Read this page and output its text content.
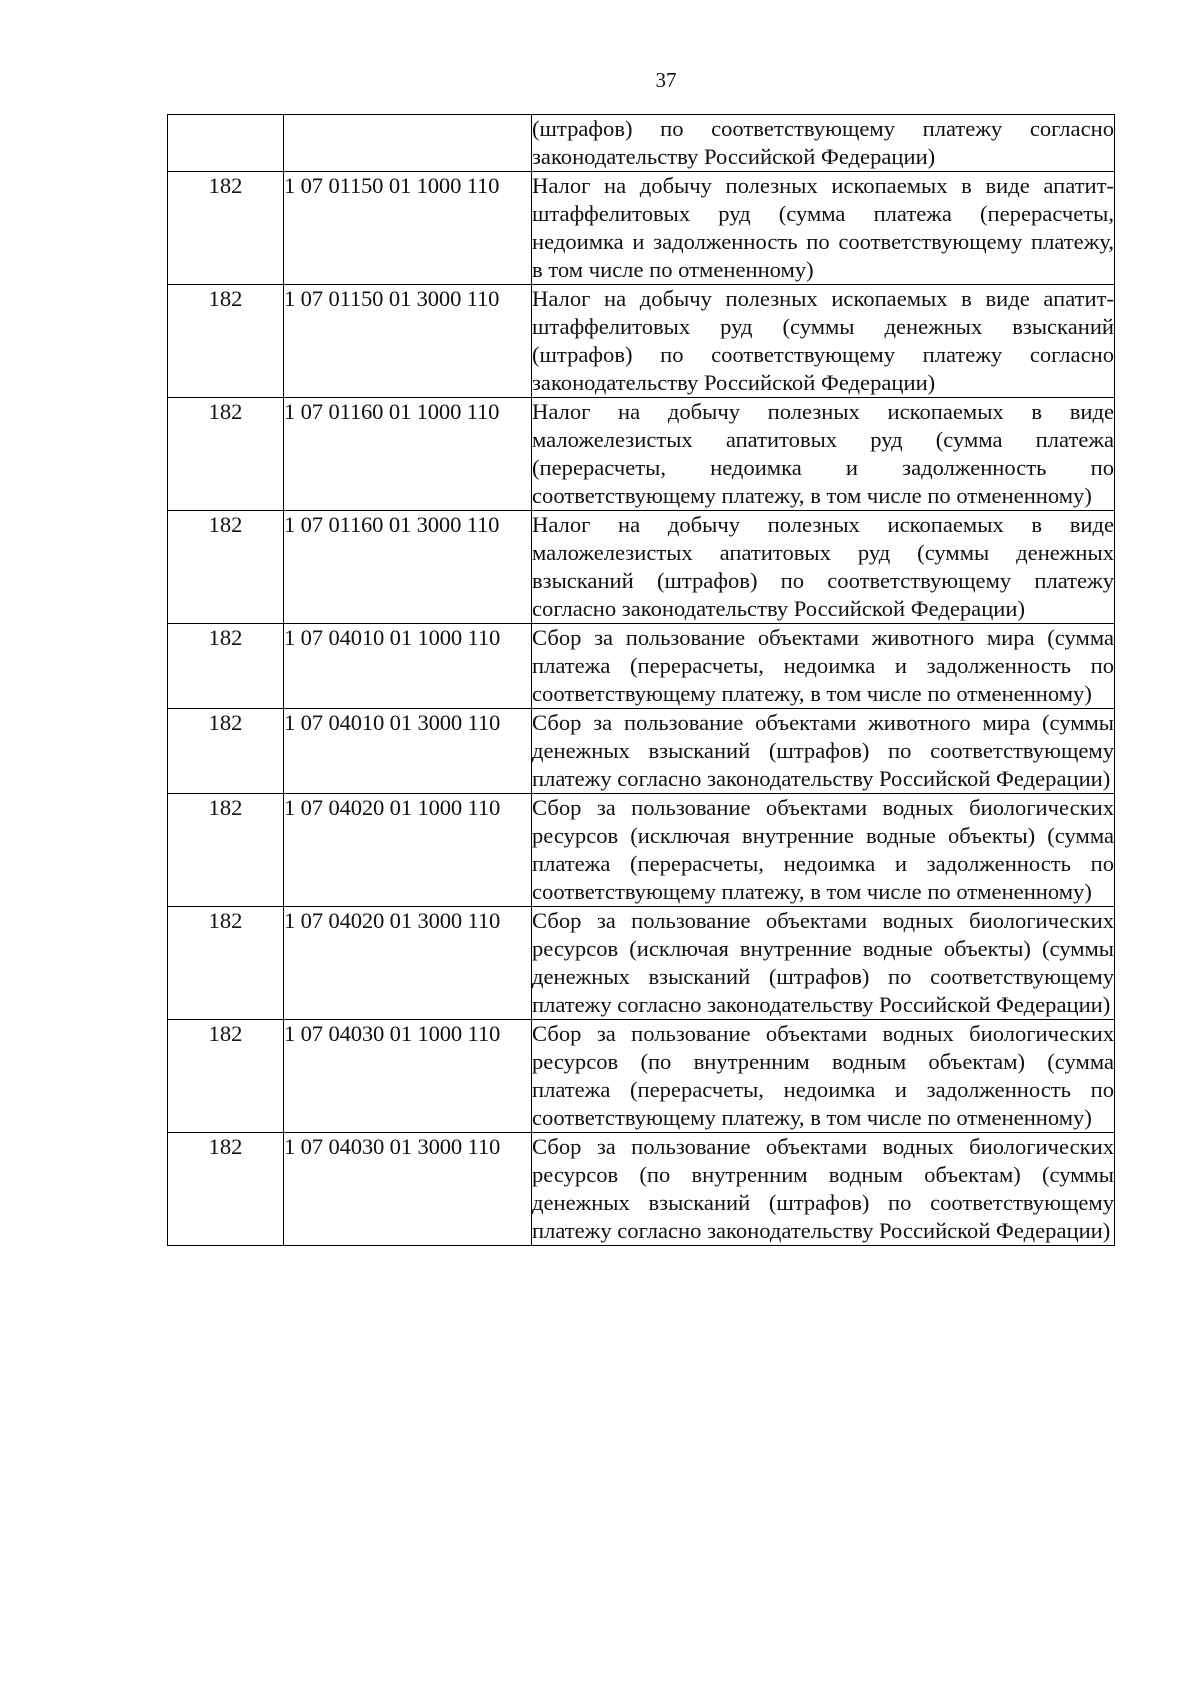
37
		(штрафов) по соответствующему платежу согласно законодательству Российской Федерации)
182	1 07 01150 01 1000 110	Налог на добычу полезных ископаемых в виде апатит-штаффелитовых руд (сумма платежа (перерасчеты, недоимка и задолженность по соответствующему платежу, в том числе по отмененному)
182	1 07 01150 01 3000 110	Налог на добычу полезных ископаемых в виде апатит-штаффелитовых руд (суммы денежных взысканий (штрафов) по соответствующему платежу согласно законодательству Российской Федерации)
182	1 07 01160 01 1000 110	Налог на добычу полезных ископаемых в виде маложелезистых апатитовых руд (сумма платежа (перерасчеты, недоимка и задолженность по соответствующему платежу, в том числе по отмененному)
182	1 07 01160 01 3000 110	Налог на добычу полезных ископаемых в виде маложелезистых апатитовых руд (суммы денежных взысканий (штрафов) по соответствующему платежу согласно законодательству Российской Федерации)
182	1 07 04010 01 1000 110	Сбор за пользование объектами животного мира (сумма платежа (перерасчеты, недоимка и задолженность по соответствующему платежу, в том числе по отмененному)
182	1 07 04010 01 3000 110	Сбор за пользование объектами животного мира (суммы денежных взысканий (штрафов) по соответствующему платежу согласно законодательству Российской Федерации)
182	1 07 04020 01 1000 110	Сбор за пользование объектами водных биологических ресурсов (исключая внутренние водные объекты) (сумма платежа (перерасчеты, недоимка и задолженность по соответствующему платежу, в том числе по отмененному)
182	1 07 04020 01 3000 110	Сбор за пользование объектами водных биологических ресурсов (исключая внутренние водные объекты) (суммы денежных взысканий (штрафов) по соответствующему платежу согласно законодательству Российской Федерации)
182	1 07 04030 01 1000 110	Сбор за пользование объектами водных биологических ресурсов (по внутренним водным объектам) (сумма платежа (перерасчеты, недоимка и задолженность по соответствующему платежу, в том числе по отмененному)
182	1 07 04030 01 3000 110	Сбор за пользование объектами водных биологических ресурсов (по внутренним водным объектам) (суммы денежных взысканий (штрафов) по соответствующему платежу согласно законодательству Российской Федерации)
